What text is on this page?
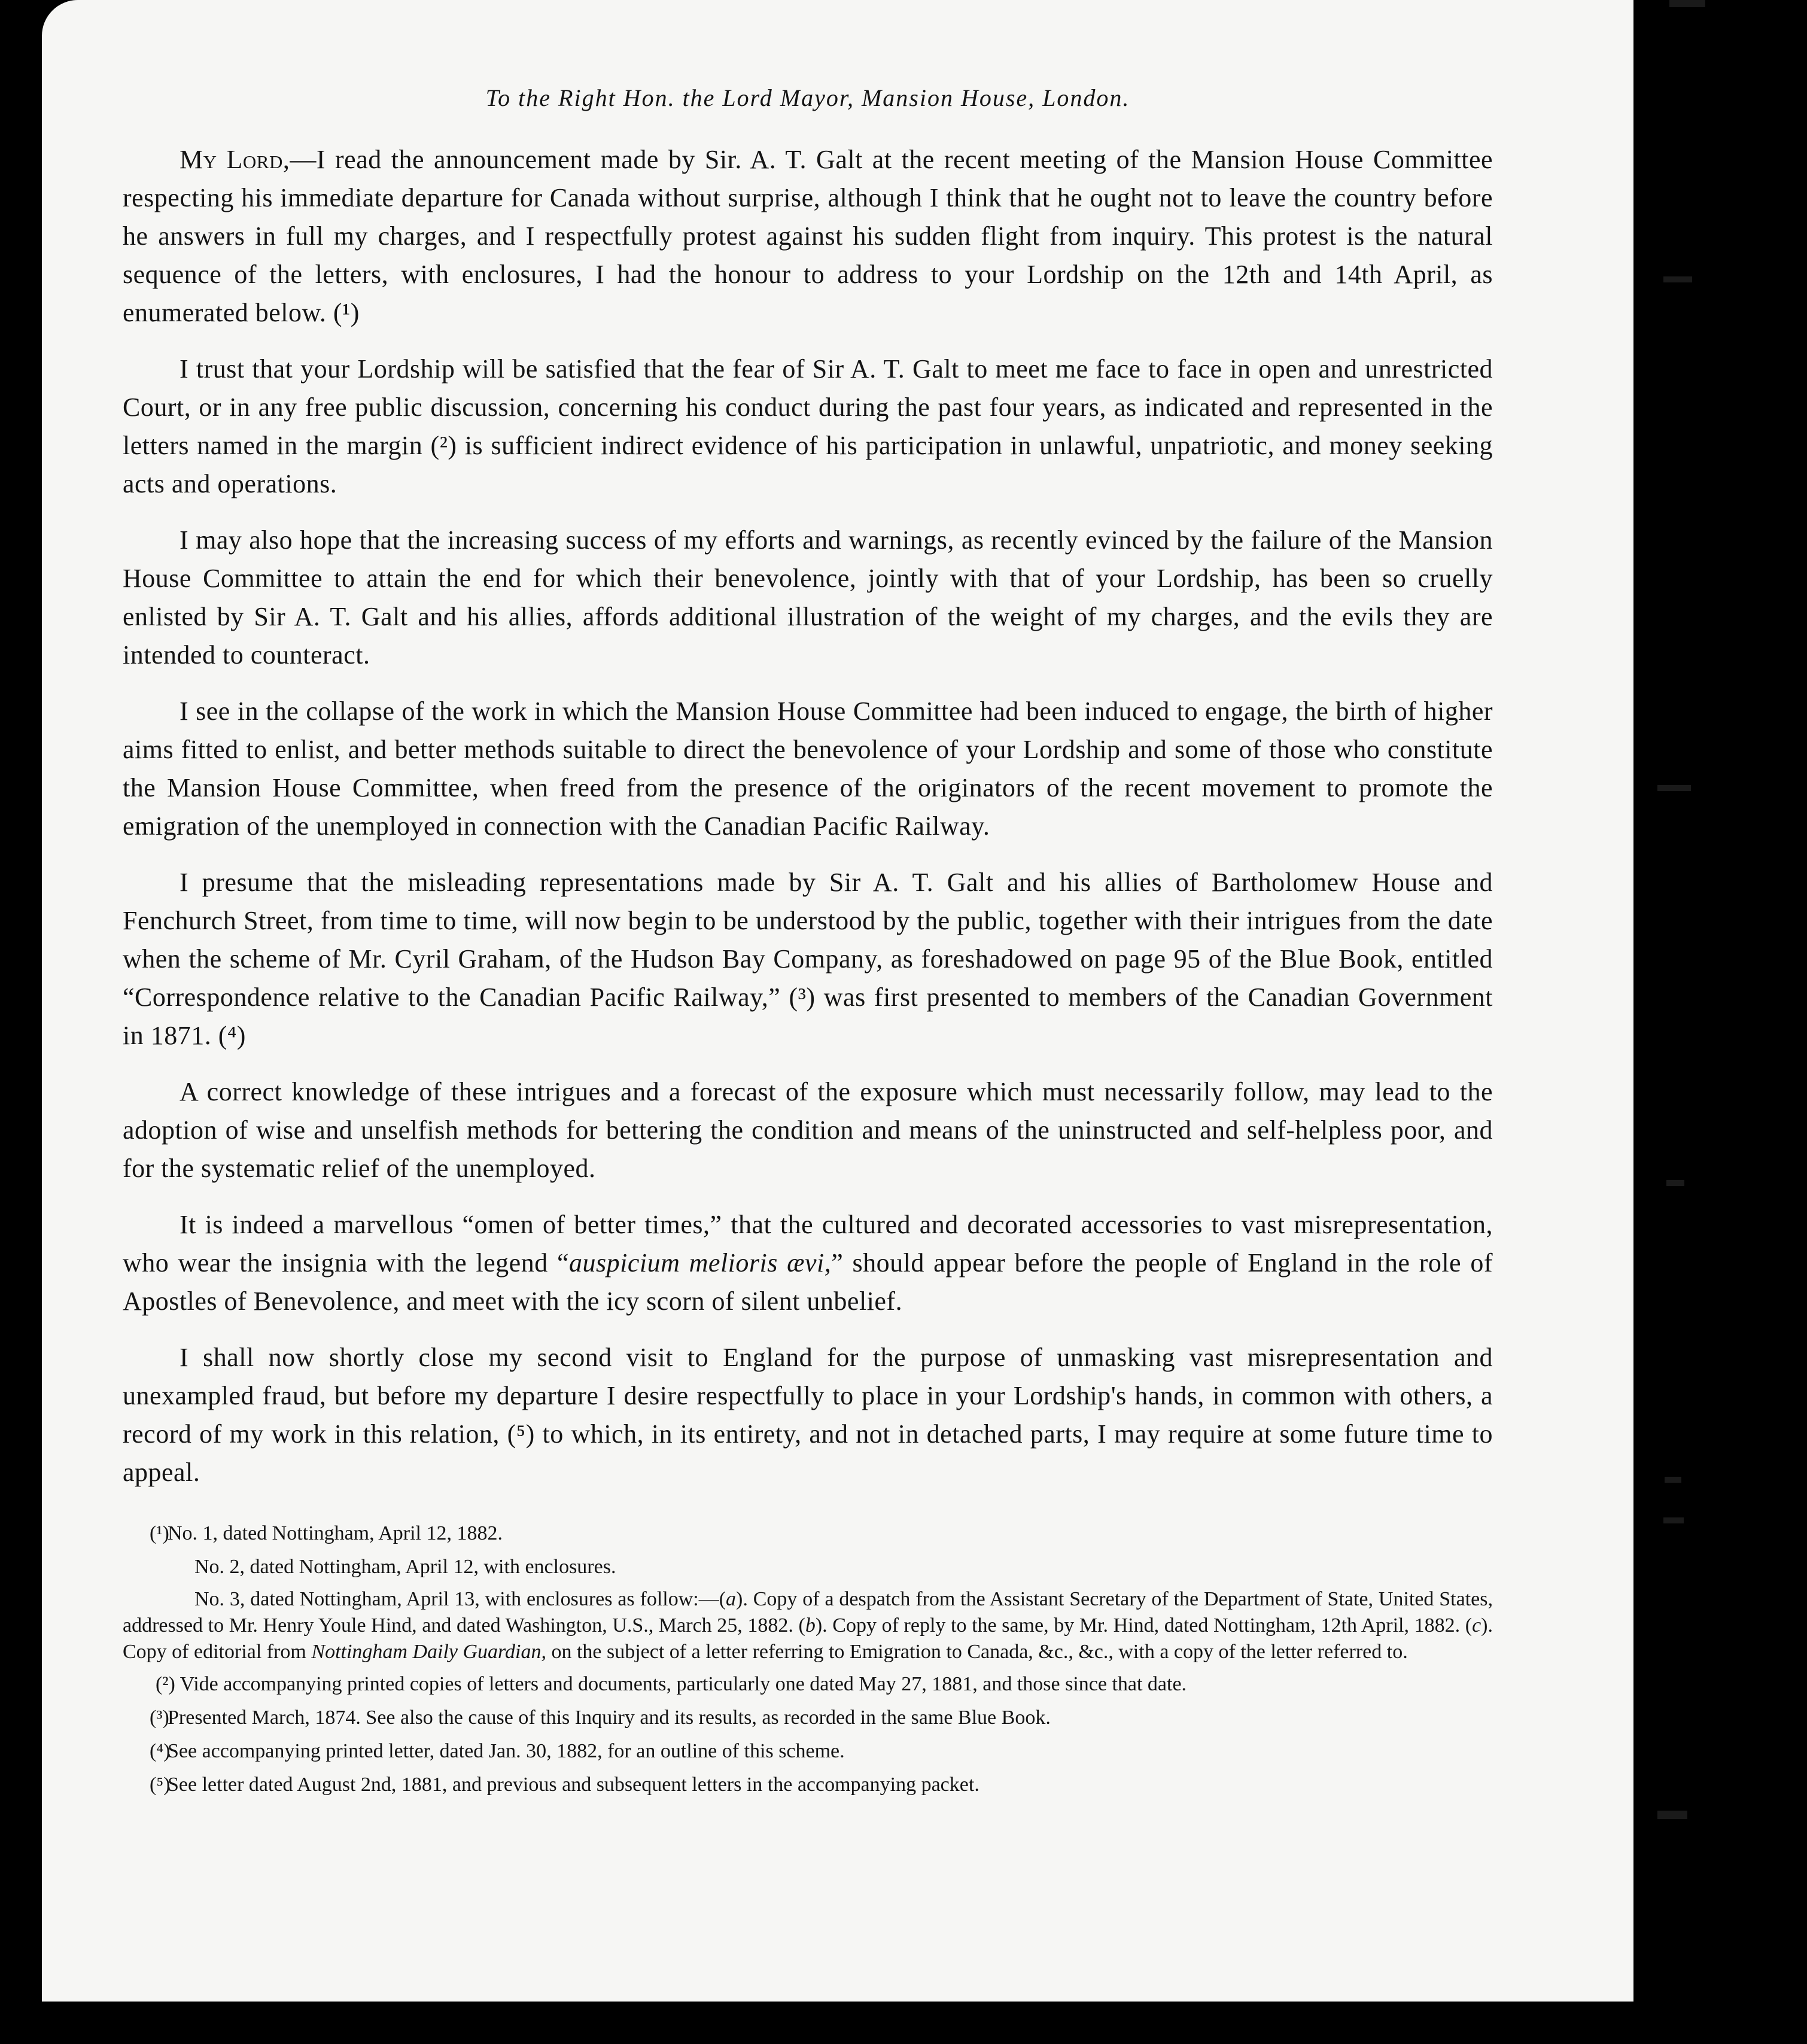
To the Right Hon. the Lord Mayor, Mansion House, London.

My Lord,—I read the announcement made by Sir. A. T. Galt at the recent meeting of the Mansion House Committee respecting his immediate departure for Canada without surprise, although I think that he ought not to leave the country before he answers in full my charges, and I respectfully protest against his sudden flight from inquiry. This protest is the natural sequence of the letters, with enclosures, I had the honour to address to your Lordship on the 12th and 14th April, as enumerated below. (¹)

I trust that your Lordship will be satisfied that the fear of Sir A. T. Galt to meet me face to face in open and unrestricted Court, or in any free public discussion, concerning his conduct during the past four years, as indicated and represented in the letters named in the margin (²) is sufficient indirect evidence of his participation in unlawful, unpatriotic, and money seeking acts and operations.

I may also hope that the increasing success of my efforts and warnings, as recently evinced by the failure of the Mansion House Committee to attain the end for which their benevolence, jointly with that of your Lordship, has been so cruelly enlisted by Sir A. T. Galt and his allies, affords additional illustration of the weight of my charges, and the evils they are intended to counteract.

I see in the collapse of the work in which the Mansion House Committee had been induced to engage, the birth of higher aims fitted to enlist, and better methods suitable to direct the benevolence of your Lordship and some of those who constitute the Mansion House Committee, when freed from the presence of the originators of the recent movement to promote the emigration of the unemployed in connection with the Canadian Pacific Railway.

I presume that the misleading representations made by Sir A. T. Galt and his allies of Bartholomew House and Fenchurch Street, from time to time, will now begin to be understood by the public, together with their intrigues from the date when the scheme of Mr. Cyril Graham, of the Hudson Bay Company, as foreshadowed on page 95 of the Blue Book, entitled “Correspondence relative to the Canadian Pacific Railway,” (³) was first presented to members of the Canadian Government in 1871. (⁴)

A correct knowledge of these intrigues and a forecast of the exposure which must necessarily follow, may lead to the adoption of wise and unselfish methods for bettering the condition and means of the uninstructed and self-helpless poor, and for the systematic relief of the unemployed.

It is indeed a marvellous “omen of better times,” that the cultured and decorated accessories to vast misrepresentation, who wear the insignia with the legend “auspicium melioris ævi,” should appear before the people of England in the role of Apostles of Benevolence, and meet with the icy scorn of silent unbelief.

I shall now shortly close my second visit to England for the purpose of unmasking vast misrepresentation and unexampled fraud, but before my departure I desire respectfully to place in your Lordship's hands, in common with others, a record of my work in this relation, (⁵) to which, in its entirety, and not in detached parts, I may require at some future time to appeal.

(¹)
No. 1, dated Nottingham, April 12, 1882.
No. 2, dated Nottingham, April 12, with enclosures.
No. 3, dated Nottingham, April 13, with enclosures as follow:—(a). Copy of a despatch from the Assistant Secretary of the Department of State, United States, addressed to Mr. Henry Youle Hind, and dated Washington, U.S., March 25, 1882. (b). Copy of reply to the same, by Mr. Hind, dated Nottingham, 12th April, 1882. (c). Copy of editorial from Nottingham Daily Guardian, on the subject of a letter referring to Emigration to Canada, &c., &c., with a copy of the letter referred to.
(²) Vide accompanying printed copies of letters and documents, particularly one dated May 27, 1881, and those since that date.
(³)
Presented March, 1874. See also the cause of this Inquiry and its results, as recorded in the same Blue Book.
(⁴)
See accompanying printed letter, dated Jan. 30, 1882, for an outline of this scheme.
(⁵)
See letter dated August 2nd, 1881, and previous and subsequent letters in the accompanying packet.
